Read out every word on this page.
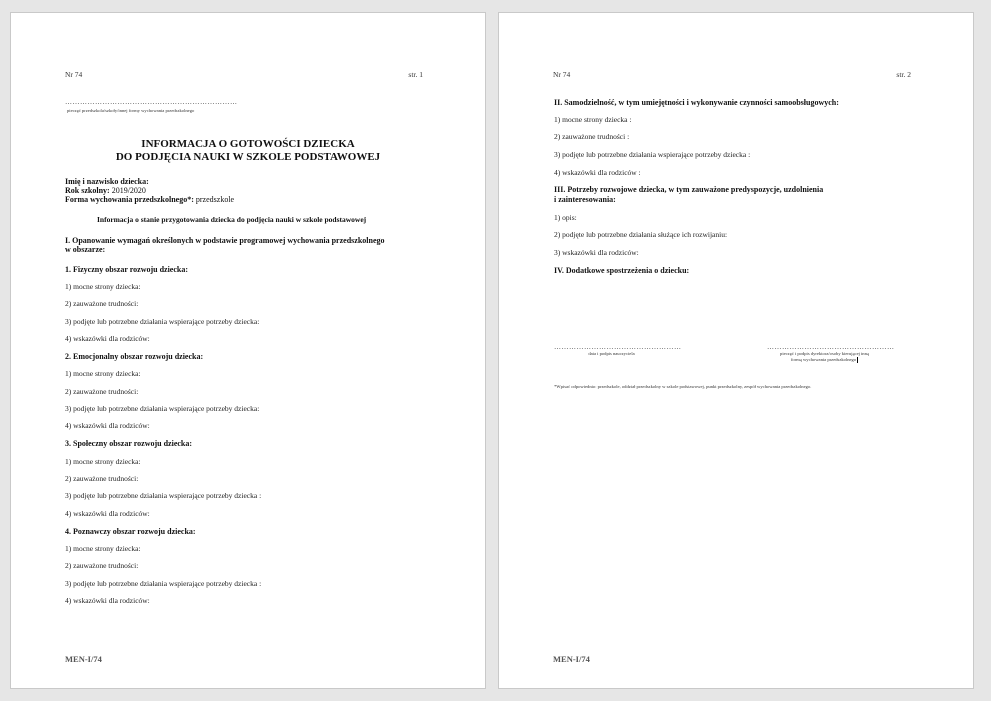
Nr 74	str. 1
……………………………………………………………
pieczęć przedszkola/szkoły/innej formy wychowania przedszkolnego
INFORMACJA O GOTOWOŚCI DZIECKA
DO PODJĘCIA NAUKI W SZKOLE PODSTAWOWEJ
Imię i nazwisko dziecka:
Rok szkolny: 2019/2020
Forma wychowania przedszkolnego*: przedszkole
Informacja o stanie przygotowania dziecka do podjęcia nauki w szkole podstawowej
I. Opanowanie wymagań określonych w podstawie programowej wychowania przedszkolnego
w obszarze:
1. Fizyczny obszar rozwoju dziecka:
1) mocne strony dziecka:
2) zauważone trudności:
3) podjęte lub potrzebne działania wspierające potrzeby dziecka:
4) wskazówki dla rodziców:
2. Emocjonalny obszar rozwoju dziecka:
1) mocne strony dziecka:
2) zauważone trudności:
3) podjęte lub potrzebne działania wspierające potrzeby dziecka:
4) wskazówki dla rodziców:
3. Społeczny obszar rozwoju dziecka:
1) mocne strony dziecka:
2) zauważone trudności:
3) podjęte lub potrzebne działania wspierające potrzeby dziecka :
4) wskazówki dla rodziców:
4. Poznawczy obszar rozwoju dziecka:
1) mocne strony dziecka:
2) zauważone trudności:
3) podjęte lub potrzebne działania wspierające potrzeby dziecka :
4) wskazówki dla rodziców:
MEN-I/74
Nr 74	str. 2
II. Samodzielność, w tym umiejętności i wykonywanie czynności samoobsługowych:
1) mocne strony dziecka :
2) zauważone trudności :
3) podjęte lub potrzebne działania wspierające potrzeby dziecka :
4) wskazówki dla rodziców :
III. Potrzeby rozwojowe dziecka, w tym zauważone predyspozycje, uzdolnienia
i zainteresowania:
1) opis:
2) podjęte lub potrzebne działania służące ich rozwijaniu:
3) wskazówki dla rodziców:
IV. Dodatkowe spostrzeżenia o dziecku:
……………………………………………
data i podpis nauczyciela
……………………………………………
pieczęć i podpis dyrektora/osoby kierującej inną
formą wychowania przedszkolnego
*Wpisać odpowiednio: przedszkole, oddział przedszkolny w szkole podstawowej, punkt przedszkolny, zespół wychowania przedszkolnego.
MEN-I/74
